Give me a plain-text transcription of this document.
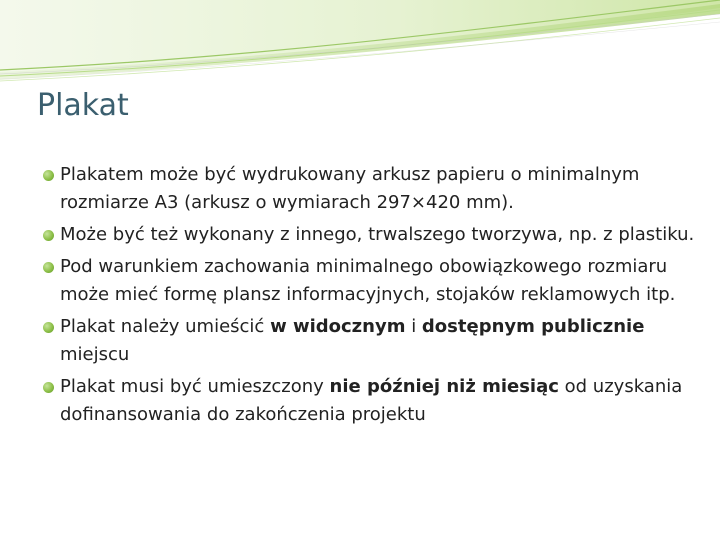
Plakat
Plakatem może być wydrukowany arkusz papieru o minimalnym rozmiarze A3 (arkusz o wymiarach 297×420 mm).
Może być też wykonany z innego, trwalszego tworzywa, np. z plastiku.
Pod warunkiem zachowania minimalnego obowiązkowego rozmiaru może mieć formę plansz informacyjnych, stojaków reklamowych itp.
Plakat należy umieścić w widocznym i dostępnym publicznie miejscu
Plakat musi być umieszczony nie później niż miesiąc od uzyskania dofinansowania do zakończenia projektu
